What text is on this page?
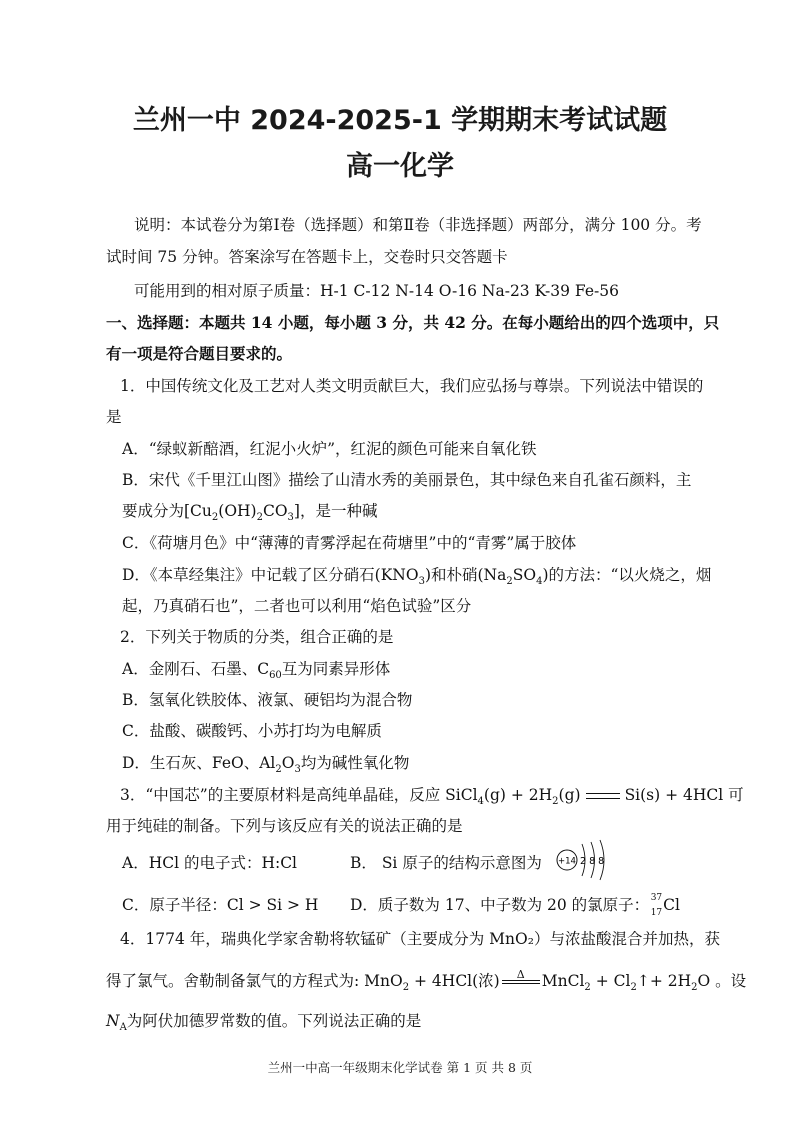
兰州一中 2024-2025-1 学期期末考试试题
高一化学
说明：本试卷分为第Ⅰ卷（选择题）和第Ⅱ卷（非选择题）两部分，满分 100 分。考
试时间 75 分钟。答案涂写在答题卡上，交卷时只交答题卡
可能用到的相对原子质量：H-1 C-12 N-14 O-16 Na-23 K-39 Fe-56
一、选择题：本题共 14 小题，每小题 3 分，共 42 分。在每小题给出的四个选项中，只
有一项是符合题目要求的。
1．中国传统文化及工艺对人类文明贡献巨大，我们应弘扬与尊崇。下列说法中错误的
是
A．“绿蚁新醅酒，红泥小火炉”，红泥的颜色可能来自氧化铁
B．宋代《千里江山图》描绘了山清水秀的美丽景色，其中绿色来自孔雀石颜料，主
要成分为$[Cu_2(OH)_2CO_3]$，是一种碱
C．《荷塘月色》中“薄薄的青雾浮起在荷塘里”中的“青雾”属于胶体
D．《本草经集注》中记载了区分硝石$(KNO_3)$和朴硝$(Na_2SO_4)$的方法：“以火烧之，烟
起，乃真硝石也”，二者也可以利用“焰色试验”区分
2．下列关于物质的分类，组合正确的是
A．金刚石、石墨、$C_{60}$互为同素异形体
B．氢氧化铁胶体、液氯、硬铝均为混合物
C．盐酸、碳酸钙、小苏打均为电解质
D．生石灰、FeO、$Al_2O_3$均为碱性氧化物
3．“中国芯”的主要原材料是高纯单晶硅，反应 SiCl$_4$(g) + $2H_2(g)$	Si(s) + 4HCl 可
用于纯硅的制备。下列与该反应有关的说法正确的是
A．HCl 的电子式：H:Cl	B． Si 原子的结构示意图为 +14 2 8 8
C．原子半径：Cl > Si > H D．质子数为 17、中子数为 20 的氯原子： 37
17 Cl
4．1774 年，瑞典化学家舍勒将软锰矿（主要成分为 MnO₂）与浓盐酸混合并加热，获
得了氯气。舍勒制备氯气的方程式为: MnO$_2$ + 4HCl(浓)	Δ	MnCl$_2$ + $Cl_2↑+ 2H_2O$ 。设
$N_A$为阿伏加德罗常数的值。下列说法正确的是
兰州一中高一年级期末化学试卷 第 1 页 共 8 页
